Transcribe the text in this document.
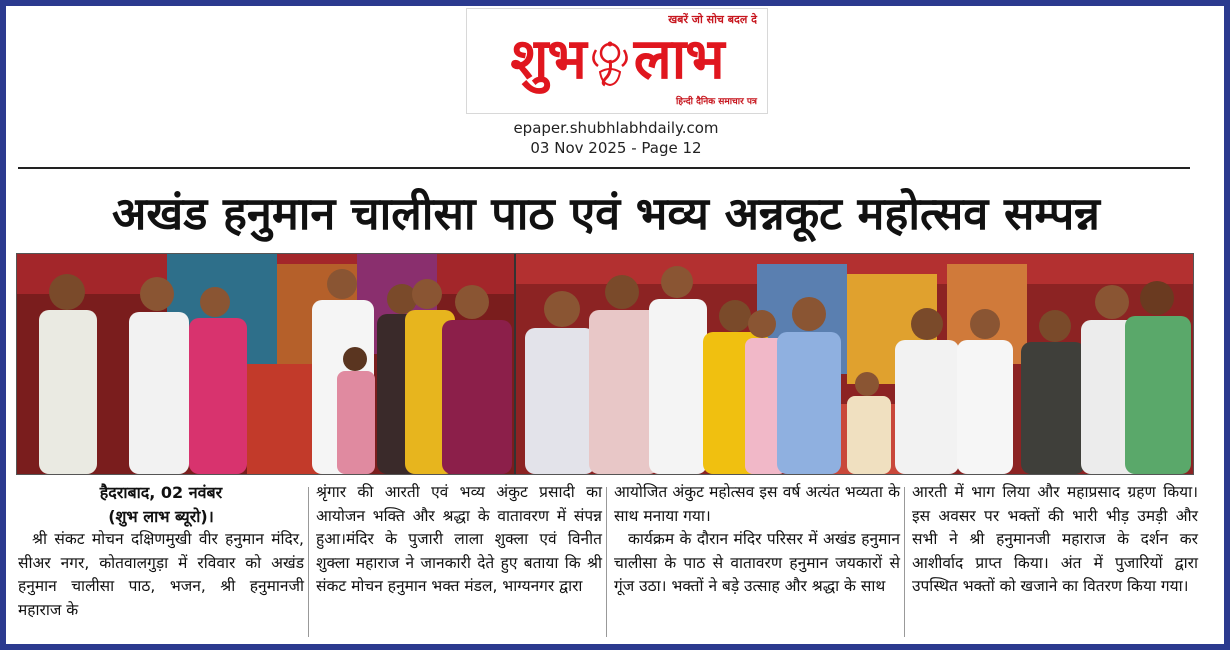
खबरें जो सोच बदल दे
शुभ लाभ
हिन्दी दैनिक समाचार पत्र
epaper.shubhlabhdaily.com
03 Nov 2025 - Page 12
अखंड हनुमान चालीसा पाठ एवं भव्य अन्नकूट महोत्सव सम्पन्न

हैदराबाद, 02 नवंबर

(शुभ लाभ ब्यूरो)।

श्री संकट मोचन दक्षिणमुखी वीर हनुमान मंदिर, सीअर नगर, कोतवालगुड़ा में रविवार को अखंड हनुमान चालीसा पाठ, भजन, श्री हनुमानजी महाराज के

श्रृंगार की आरती एवं भव्य अंकुट प्रसादी का आयोजन भक्ति और श्रद्धा के वातावरण में संपन्न हुआ।मंदिर के पुजारी लाला शुक्ला एवं विनीत शुक्ला महाराज ने जानकारी देते हुए बताया कि श्री संकट मोचन हनुमान भक्त मंडल, भाग्यनगर द्वारा

आयोजित अंकुट महोत्सव इस वर्ष अत्यंत भव्यता के साथ मनाया गया।

कार्यक्रम के दौरान मंदिर परिसर में अखंड हनुमान चालीसा के पाठ से वातावरण हनुमान जयकारों से गूंज उठा। भक्तों ने बड़े उत्साह और श्रद्धा के साथ

आरती में भाग लिया और महाप्रसाद ग्रहण किया।इस अवसर पर भक्तों की भारी भीड़ उमड़ी और सभी ने श्री हनुमानजी महाराज के दर्शन कर आशीर्वाद प्राप्त किया। अंत में पुजारियों द्वारा उपस्थित भक्तों को खजाने का वितरण किया गया।
